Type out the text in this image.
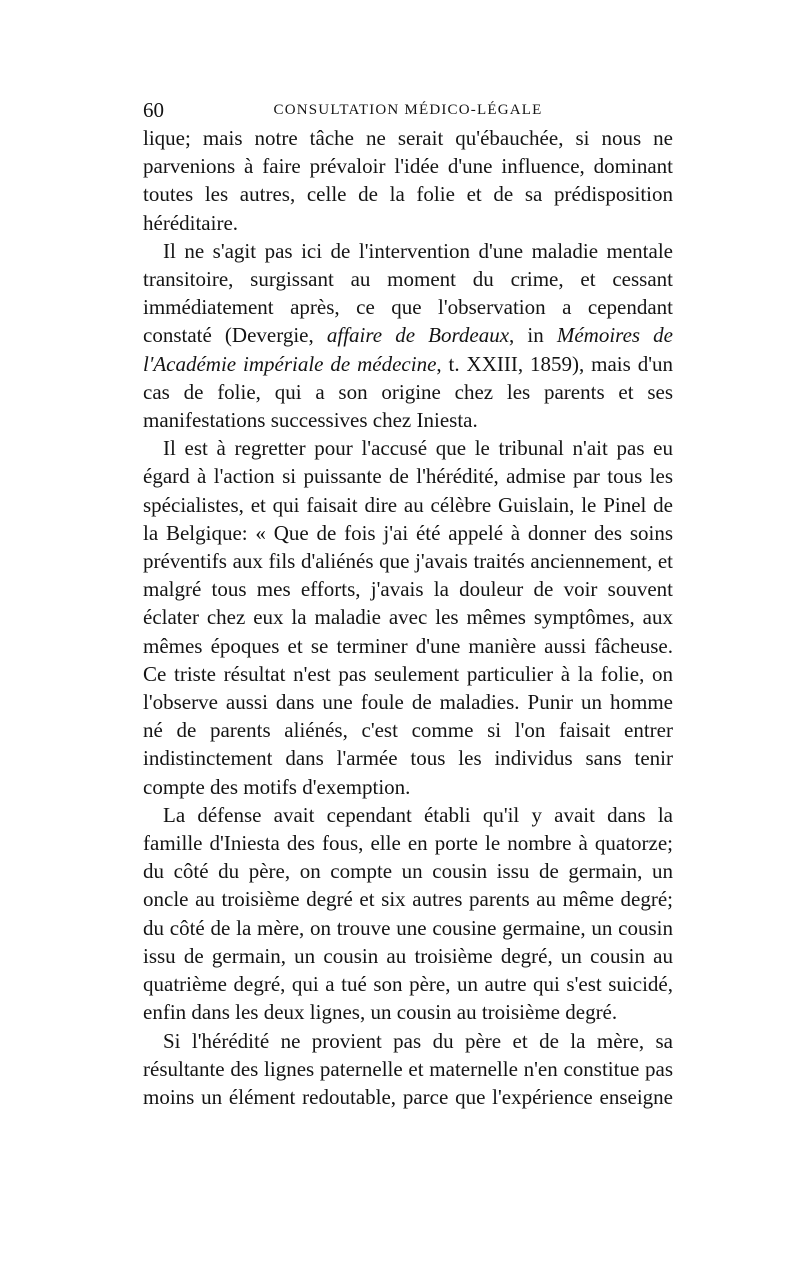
60	CONSULTATION MÉDICO-LÉGALE

lique; mais notre tâche ne serait qu'ébauchée, si nous ne parvenions à faire prévaloir l'idée d'une influence, dominant toutes les autres, celle de la folie et de sa prédisposition héréditaire.

Il ne s'agit pas ici de l'intervention d'une maladie mentale transitoire, surgissant au moment du crime, et cessant immédiatement après, ce que l'observation a cependant constaté (Devergie, affaire de Bordeaux, in Mémoires de l'Académie impériale de médecine, t. XXIII, 1859), mais d'un cas de folie, qui a son origine chez les parents et ses manifestations successives chez Iniesta.

Il est à regretter pour l'accusé que le tribunal n'ait pas eu égard à l'action si puissante de l'hérédité, admise par tous les spécialistes, et qui faisait dire au célèbre Guislain, le Pinel de la Belgique: « Que de fois j'ai été appelé à donner des soins préventifs aux fils d'aliénés que j'avais traités anciennement, et malgré tous mes efforts, j'avais la douleur de voir souvent éclater chez eux la maladie avec les mêmes symptômes, aux mêmes époques et se terminer d'une manière aussi fâcheuse. Ce triste résultat n'est pas seulement particulier à la folie, on l'observe aussi dans une foule de maladies. Punir un homme né de parents aliénés, c'est comme si l'on faisait entrer indistinctement dans l'armée tous les individus sans tenir compte des motifs d'exemption.

La défense avait cependant établi qu'il y avait dans la famille d'Iniesta des fous, elle en porte le nombre à quatorze; du côté du père, on compte un cousin issu de germain, un oncle au troisième degré et six autres parents au même degré; du côté de la mère, on trouve une cousine germaine, un cousin issu de germain, un cousin au troisième degré, un cousin au quatrième degré, qui a tué son père, un autre qui s'est suicidé, enfin dans les deux lignes, un cousin au troisième degré.

Si l'hérédité ne provient pas du père et de la mère, sa résultante des lignes paternelle et maternelle n'en constitue pas moins un élément redoutable, parce que l'expérience enseigne
